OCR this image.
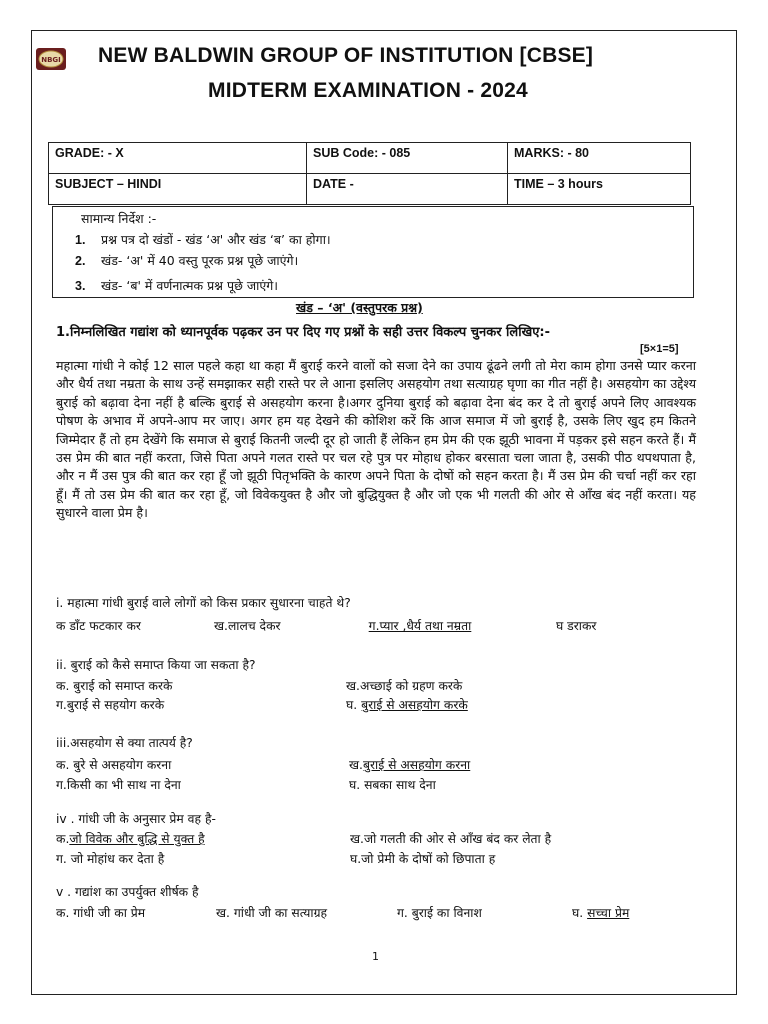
NBGI NEW BALDWIN GROUP OF INSTITUTION [CBSE]
MIDTERM EXAMINATION - 2024
GRADE: - X	SUB Code: - 085	MARKS: - 80
SUBJECT – HINDI	DATE -	TIME – 3 hours
सामान्य निर्देश :-
1. प्रश्न पत्र दो खंडों - खंड ‘अ' और खंड ‘ब’ का होगा।
2. खंड- ‘अ' में 40 वस्तु पूरक प्रश्न पूछे जाएंगे।
3. खंड- ‘ब' में वर्णनात्मक प्रश्न पूछे जाएंगे।
खंड – ‘अ' (वस्तुपरक प्रश्न)
1.निम्नलिखित गद्यांश को ध्यानपूर्वक पढ़कर उन पर दिए गए प्रश्नों के सही उत्तर विकल्प चुनकर लिखिए:-
[5×1=5]
महात्मा गांधी ने कोई 12 साल पहले कहा था कहा मैं बुराई करने वालों को सजा देने का उपाय ढूंढने लगी तो मेरा काम होगा उनसे प्यार करना और धैर्य तथा नम्रता के साथ उन्हें समझाकर सही रास्ते पर ले आना इसलिए असहयोग तथा सत्याग्रह घृणा का गीत नहीं है। असहयोग का उद्देश्य बुराई को बढ़ावा देना नहीं है बल्कि बुराई से असहयोग करना है।अगर दुनिया बुराई को बढ़ावा देना बंद कर दे तो बुराई अपने लिए आवश्यक पोषण के अभाव में अपने-आप मर जाए। अगर हम यह देखने की कोशिश करें कि आज समाज में जो बुराई है, उसके लिए खुद हम कितने जिम्मेदार हैं तो हम देखेंगे कि समाज से बुराई कितनी जल्दी दूर हो जाती हैं लेकिन हम प्रेम की एक झूठी भावना में पड़कर इसे सहन करते हैं। मैं उस प्रेम की बात नहीं करता, जिसे पिता अपने गलत रास्ते पर चल रहे पुत्र पर मोहाध होकर बरसाता चला जाता है, उसकी पीठ थपथपाता है, और न मैं उस पुत्र की बात कर रहा हूँ जो झूठी पितृभक्ति के कारण अपने पिता के दोषों को सहन करता है। मैं उस प्रेम की चर्चा नहीं कर रहा हूँ। मैं तो उस प्रेम की बात कर रहा हूँ, जो विवेकयुक्त है और जो बुद्धियुक्त है और जो एक भी गलती की ओर से आँख बंद नहीं करता। यह सुधारने वाला प्रेम है।
i. महात्मा गांधी बुराई वाले लोगों को किस प्रकार सुधारना चाहते थे?
क डाँट फटकार कर	ख.लालच देकर	ग.प्यार ,धैर्य तथा नम्रता	घ डराकर
ii. बुराई को कैसे समाप्त किया जा सकता है?
क. बुराई को समाप्त करके	ख.अच्छाई को ग्रहण करके
ग.बुराई से सहयोग करके	घ. बुराई से असहयोग करके
iii.असहयोग से क्या तात्पर्य है?
क. बुरे से असहयोग करना	ख.बुराई से असहयोग करना
ग.किसी का भी साथ ना देना	घ. सबका साथ देना
iv . गांधी जी के अनुसार प्रेम वह है-
क.जो विवेक और बुद्धि से युक्त है	ख.जो गलती की ओर से आँख बंद कर लेता है
ग. जो मोहांध कर देता है	घ.जो प्रेमी के दोषों को छिपाता ह
v . गद्यांश का उपर्युक्त शीर्षक है
क. गांधी जी का प्रेम	ख. गांधी जी का सत्याग्रह	ग. बुराई का विनाश	घ. सच्चा प्रेम
1
